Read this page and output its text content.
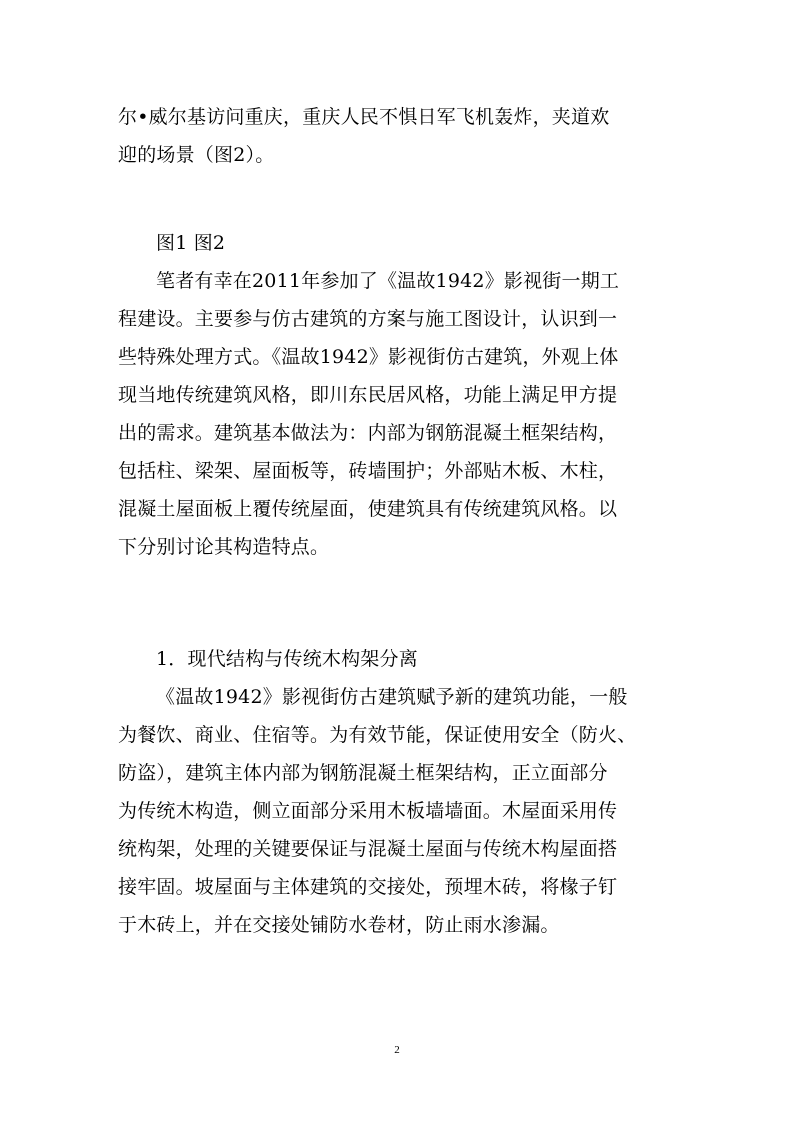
尔•威尔基访问重庆，重庆人民不惧日军飞机轰炸，夹道欢
迎的场景（图2）。
图1 图2
笔者有幸在2011年参加了《温故1942》影视街一期工
程建设。主要参与仿古建筑的方案与施工图设计，认识到一
些特殊处理方式。《温故1942》影视街仿古建筑，外观上体
现当地传统建筑风格，即川东民居风格，功能上满足甲方提
出的需求。建筑基本做法为：内部为钢筋混凝土框架结构，
包括柱、梁架、屋面板等，砖墙围护；外部贴木板、木柱，
混凝土屋面板上覆传统屋面，使建筑具有传统建筑风格。以
下分别讨论其构造特点。
1．现代结构与传统木构架分离
《温故1942》影视街仿古建筑赋予新的建筑功能，一般
为餐饮、商业、住宿等。为有效节能，保证使用安全（防火、
防盗），建筑主体内部为钢筋混凝土框架结构，正立面部分
为传统木构造，侧立面部分采用木板墙墙面。木屋面采用传
统构架，处理的关键要保证与混凝土屋面与传统木构屋面搭
接牢固。坡屋面与主体建筑的交接处，预埋木砖，将椽子钉
于木砖上，并在交接处铺防水卷材，防止雨水渗漏。
2
